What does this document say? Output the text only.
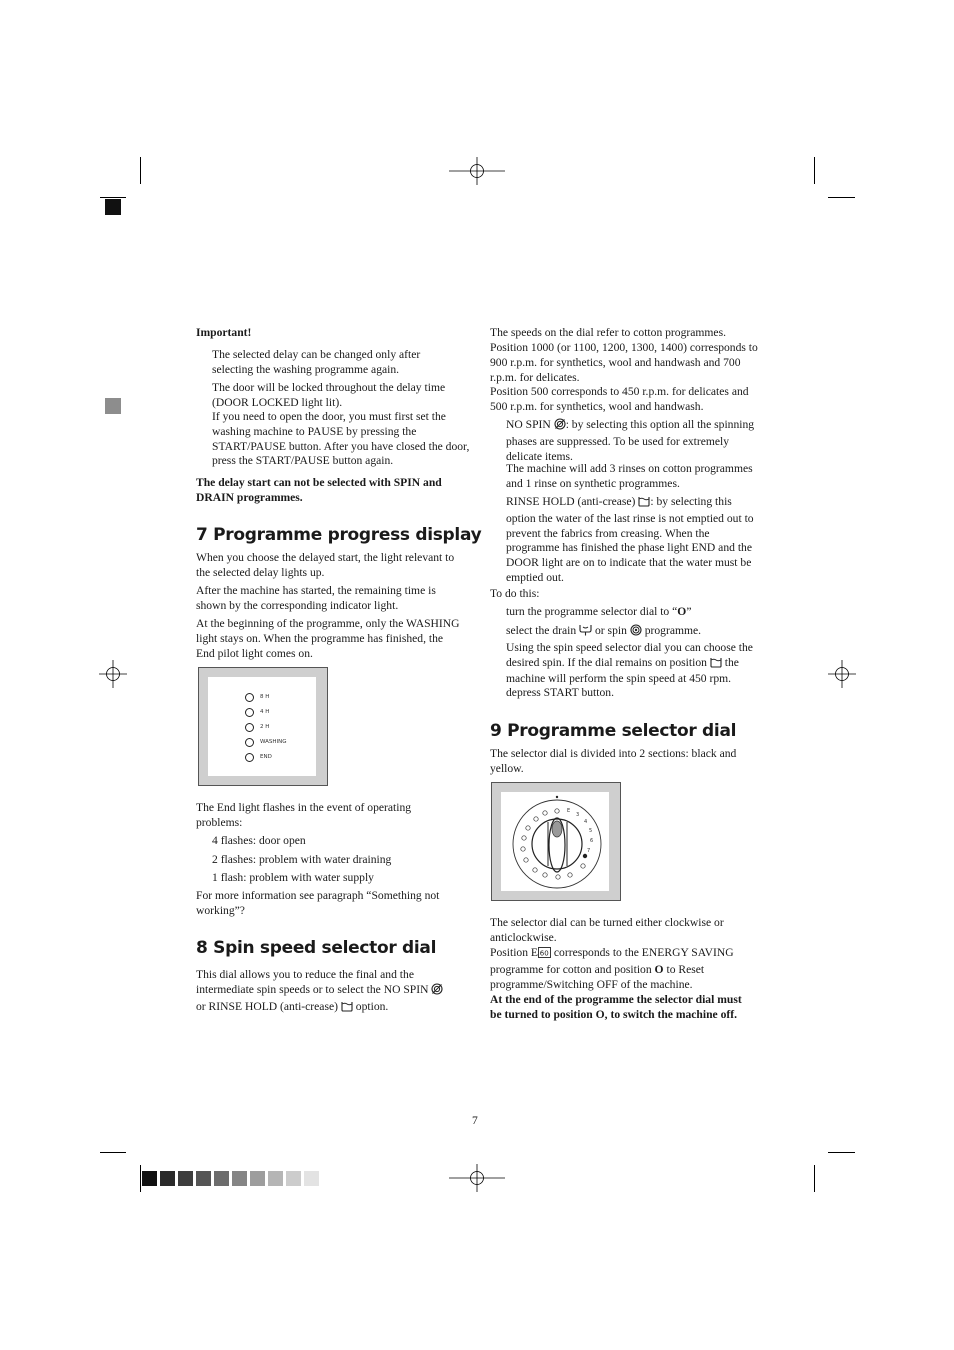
Important!
The selected delay can be changed only after selecting the washing programme again.
The door will be locked throughout the delay time (DOOR LOCKED light lit).
If you need to open the door, you must first set the washing machine to PAUSE by pressing the START/PAUSE button. After you have closed the door, press the START/PAUSE button again.
The delay start can not be selected with SPIN and DRAIN programmes.
7 Programme progress display
When you choose the delayed start, the light relevant to the selected delay lights up.
After the machine has started, the remaining time is shown by the corresponding indicator light.
At the beginning of the programme, only the WASHING light stays on. When the programme has finished, the End pilot light comes on.
8 H
4 H
2 H
WASHING
END
The End light flashes in the event of operating problems:
4 flashes: door open
2 flashes: problem with water draining
1 flash: problem with water supply
For more information see paragraph “Something not working”?
8 Spin speed selector dial
This dial allows you to reduce the final and the intermediate spin speeds or to select the NO SPIN
or RINSE HOLD (anti-crease) option.
The speeds on the dial refer to cotton programmes.
Position 1000 (or 1100, 1200, 1300, 1400) corresponds to 900 r.p.m. for synthetics, wool and handwash and 700 r.p.m. for delicates.
Position 500 corresponds to 450 r.p.m. for delicates and 500 r.p.m. for synthetics, wool and handwash.
NO SPIN : by selecting this option all the spinning phases are suppressed. To be used for extremely delicate items.
The machine will add 3 rinses on cotton programmes and 1 rinse on synthetic programmes.
RINSE HOLD (anti-crease) : by selecting this option the water of the last rinse is not emptied out to prevent the fabrics from creasing. When the programme has finished the phase light END and the DOOR light are on to indicate that the water must be emptied out.
To do this:
turn the programme selector dial to “O”
select the drain or spin programme.
Using the spin speed selector dial you can choose the desired spin. If the dial remains on position the machine will perform the spin speed at 450 rpm.
depress START button.
9 Programme selector dial
The selector dial is divided into 2 sections: black and yellow.
E
3
4
5
6
7
The selector dial can be turned either clockwise or anticlockwise.
Position E 60 corresponds to the ENERGY SAVING programme for cotton and position O to Reset programme/Switching OFF of the machine.
At the end of the programme the selector dial must be turned to position O, to switch the machine off.
7
